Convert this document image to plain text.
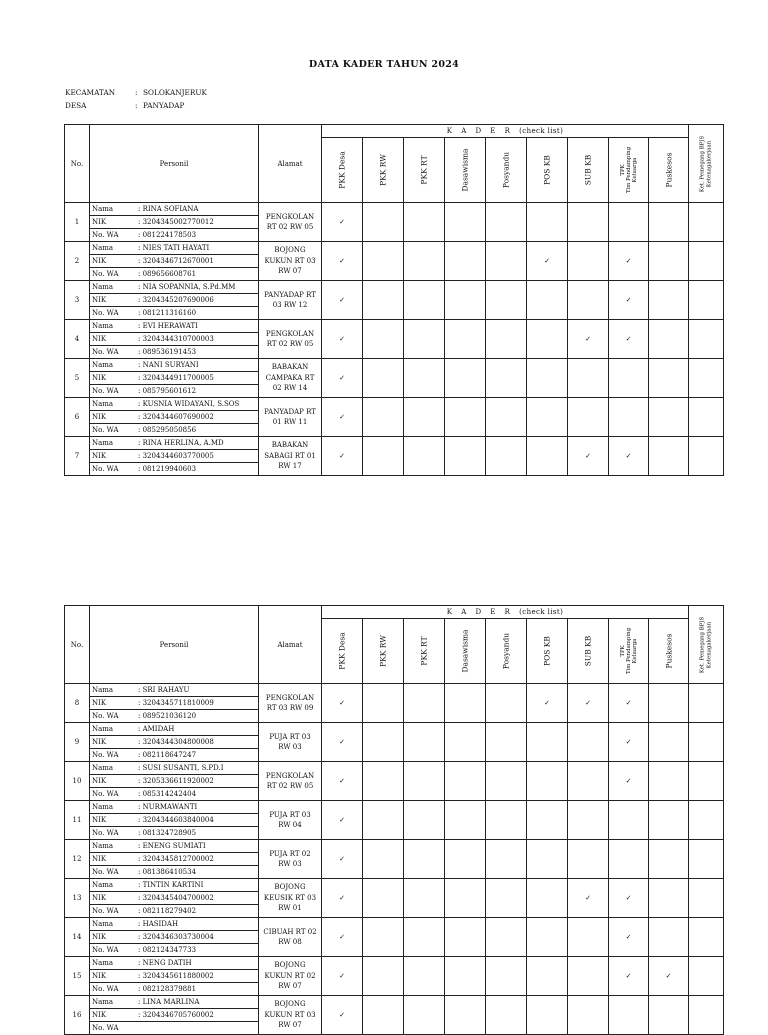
DATA KADER TAHUN 2024
KECAMATAN	: SOLOKANJERUK
DESA	: PANYADAP
No.	Personil	Alamat	K A D E R (check list)	
Ket. Pemegang BPJS
Ketenagakerjaan

PKK Desa	PKK RW	PKK RT	Dasawisma	Posyandu	POS KB	SUB KB	TPK
Tim Pendamping
Keluarga	Puskesos

1	
Nama	: RINA SOFIANA
NIK	: 3204345002770012
No. WA	: 081224178503
	PENGKOLAN
RT 02 RW 05	✓									
2	
Nama	: NIES TATI HAYATI
NIK	: 3204346712670001
No. WA	: 089656608761
	BOJONG
KUKUN RT 03
RW 07	✓					✓		✓		
3	
Nama	: NIA SOPANNIA, S.Pd.MM
NIK	: 3204345207690006
No. WA	: 081211316160
	PANYADAP RT
03 RW 12	✓							✓		
4	
Nama	: EVI HERAWATI
NIK	: 3204344310700003
No. WA	: 089536191453
	PENGKOLAN
RT 02 RW 05	✓						✓	✓		
5	
Nama	: NANI SURYANI
NIK	: 3204344911700005
No. WA	: 085795601612
	BABAKAN
CAMPAKA RT
02 RW 14	✓									
6	
Nama	: KUSNIA WIDAYANI, S.SOS
NIK	: 3204344607690002
No. WA	: 085295050856
	PANYADAP RT
01 RW 11	✓									
7	
Nama	: RINA HERLINA, A.MD
NIK	: 3204344603770005
No. WA	: 081219940603
	BABAKAN
SABAGI RT 01
RW 17	✓						✓	✓		
No.	Personil	Alamat	K A D E R (check list)	
Ket. Pemegang BPJS
Ketenagakerjaan

PKK Desa	PKK RW	PKK RT	Dasawisma	Posyandu	POS KB	SUB KB	TPK
Tim Pendamping
Keluarga	Puskesos

8	
Nama	: SRI RAHAYU
NIK	: 3204345711810009
No. WA	: 089521036120
	PENGKOLAN
RT 03 RW 09	✓					✓	✓	✓		
9	
Nama	: AMIDAH
NIK	: 3204344304800008
No. WA	: 082118647247
	PUJA RT 03
RW 03	✓							✓		
10	
Nama	: SUSI SUSANTI, S.PD.I
NIK	: 3205336611920002
No. WA	: 085314242404
	PENGKOLAN
RT 02 RW 05	✓							✓		
11	
Nama	: NURMAWANTI
NIK	: 3204344603840004
No. WA	: 081324728905
	PUJA RT 03
RW 04	✓									
12	
Nama	: ENENG SUMIATI
NIK	: 3204345812700002
No. WA	: 081386410534
	PUJA RT 02
RW 03	✓									
13	
Nama	: TINTIN KARTINI
NIK	: 3204345404700002
No. WA	: 082118279402
	BOJONG
KEUSIK RT 03
RW 01	✓						✓	✓		
14	
Nama	: HASIDAH
NIK	: 3204346303730004
No. WA	: 082124347733
	CIBUAH RT 02
RW 08	✓							✓		
15	
Nama	: NENG DATIH
NIK	: 3204345611880002
No. WA	: 082128379881
	BOJONG
KUKUN RT 02
RW 07	✓							✓	✓	
16	
Nama	: LINA MARLINA
NIK	: 3204346705760002
No. WA	
	BOJONG
KUKUN RT 03
RW 07	✓									
